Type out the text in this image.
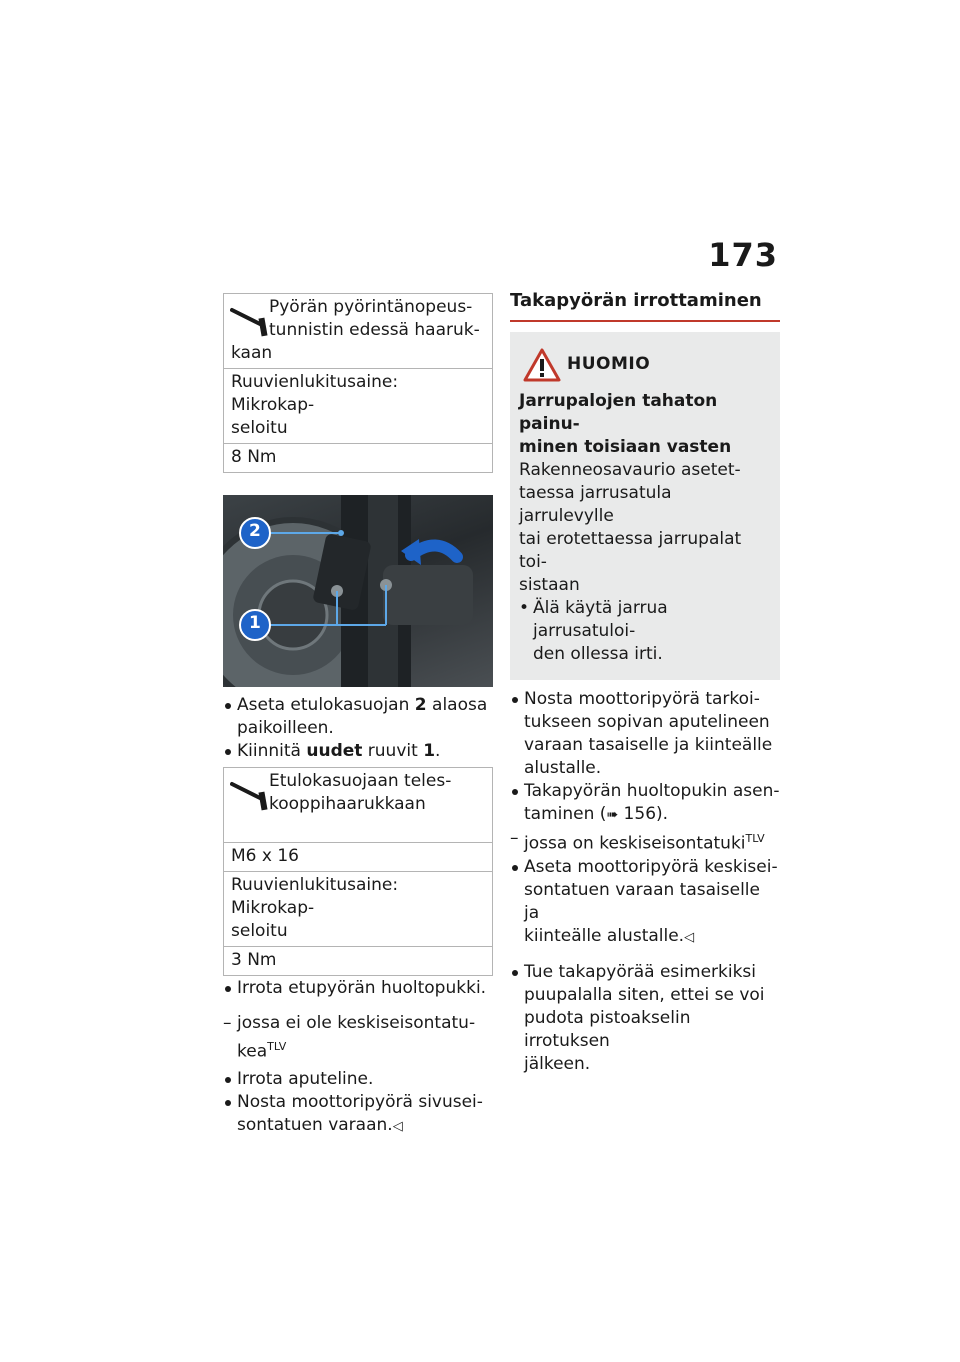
173
Pyörän pyörintänopeus-
tunnistin edessä haaruk-
kaan
Ruuvienlukitusaine: Mikrokap-
seloitu
8 Nm
2
1
Aseta etulokasuojan 2 alaosa
paikoilleen.
Kiinnitä uudet ruuvit 1.
Etulokasuojaan teles-
kooppihaarukkaan

M6 x 16
Ruuvienlukitusaine: Mikrokap-
seloitu
3 Nm
Irrota etupyörän huoltopukki.
– jossa ei ole keskiseisontatu-
kea$^{TLV}$
Irrota aputeline.
Nosta moottoripyörä sivusei-
sontatuen varaan.◁
Takapyörän irrottaminen
HUOMIO
Jarrupalojen tahaton painu-
minen toisiaan vasten
Rakenneosavaurio asetet-
taessa jarrusatula jarrulevylle
tai erotettaessa jarrupalat toi-
sistaan
• Älä käytä jarrua jarrusatuloi-
den ollessa irti.
Nosta moottoripyörä tarkoi-
tukseen sopivan aputelineen
varaan tasaiselle ja kiinteälle
alustalle.
Takapyörän huoltopukin asen-
taminen (➠ 156).
– jossa on keskiseisontatuki$^{TLV}$
Aseta moottoripyörä keskisei-
sontatuen varaan tasaiselle ja
kiinteälle alustalle.◁
Tue takapyörää esimerkiksi
puupalalla siten, ettei se voi
pudota pistoakselin irrotuksen
jälkeen.
